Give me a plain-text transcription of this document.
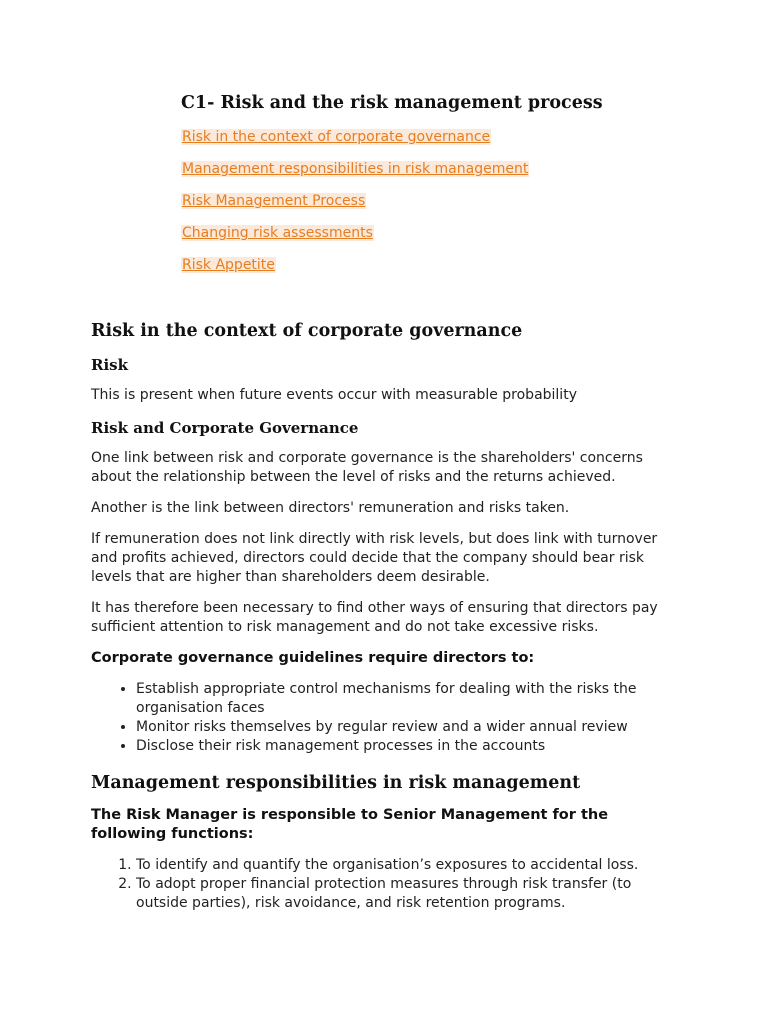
C1- Risk and the risk management process
Risk in the context of corporate governance
Management responsibilities in risk management
Risk Management Process
Changing risk assessments
Risk Appetite
Risk in the context of corporate governance
Risk

This is present when future events occur with measurable probability

Risk and Corporate Governance

One link between risk and corporate governance is the shareholders' concerns about the relationship between the level of risks and the returns achieved.

Another is the link between directors' remuneration and risks taken.

If remuneration does not link directly with risk levels, but does link with turnover and profits achieved, directors could decide that the company should bear risk levels that are higher than shareholders deem desirable.

It has therefore been necessary to find other ways of ensuring that directors pay sufficient attention to risk management and do not take excessive risks.

Corporate governance guidelines require directors to:

• Establish appropriate control mechanisms for dealing with the risks the organisation faces
• Monitor risks themselves by regular review and a wider annual review
• Disclose their risk management processes in the accounts
Management responsibilities in risk management

The Risk Manager is responsible to Senior Management for the following functions:

1. To identify and quantify the organisation’s exposures to accidental loss.
2. To adopt proper financial protection measures through risk transfer (to outside parties), risk avoidance, and risk retention programs.
